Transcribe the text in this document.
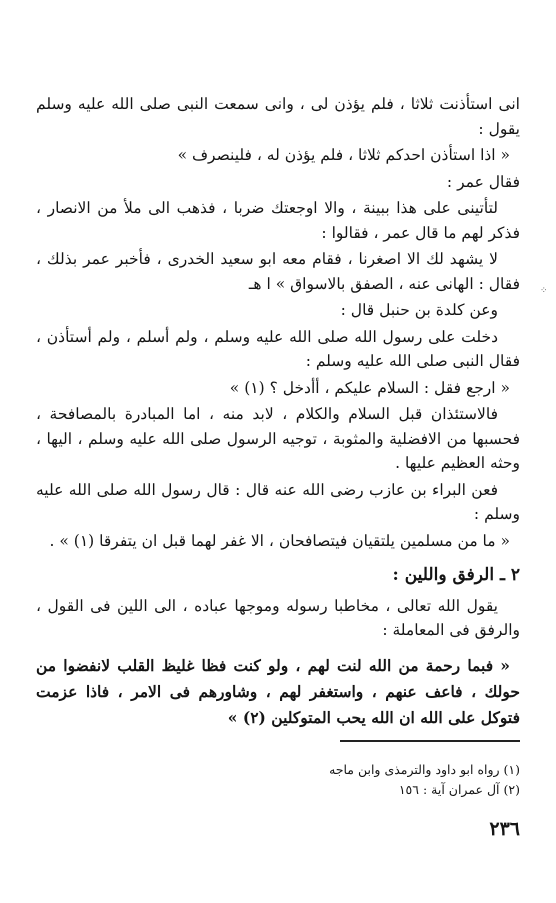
انى استأذنت ثلاثا ، فلم يؤذن لى ، وانى سمعت النبى صلى الله عليه وسلم يقول :

« اذا استأذن احدكم ثلاثا ، فلم يؤذن له ، فلينصرف »

فقال عمر :

لتأتينى على هذا ببينة ، والا اوجعتك ضربا ، فذهب الى ملأ من الانصار ، فذكر لهم ما قال عمر ، فقالوا :

لا يشهد لك الا اصغرنا ، فقام معه ابو سعيد الخدرى ، فأخبر عمر بذلك ، فقال : الهانى عنه ، الصفق بالاسواق » ا هـ

وعن كلدة بن حنبل قال :

دخلت على رسول الله صلى الله عليه وسلم ، ولم أسلم ، ولم أستأذن ، فقال النبى صلى الله عليه وسلم :

« ارجع فقل : السلام عليكم ، أأدخل ؟ (١) »

فالاستئذان قبل السلام والكلام ، لابد منه ، اما المبادرة بالمصافحة ، فحسبها من الافضلية والمثوبة ، توجيه الرسول صلى الله عليه وسلم ، اليها ، وحثه العظيم عليها .

فعن البراء بن عازب رضى الله عنه قال : قال رسول الله صلى الله عليه وسلم :

« ما من مسلمين يلتقيان فيتصافحان ، الا غفر لهما قبل ان يتفرقا (١) » .

٢ ـ الرفق واللين :

يقول الله تعالى ، مخاطبا رسوله وموجها عباده ، الى اللين فى القول ، والرفق فى المعاملة :

« فبما رحمة من الله لنت لهم ، ولو كنت فظا غليظ القلب لانفضوا من حولك ، فاعف عنهم ، واستغفر لهم ، وشاورهم فى الامر ، فاذا عزمت فتوكل على الله ان الله يحب المتوكلين (٢) »

(١) رواه ابو داود والترمذى وابن ماجه
(٢) آل عمران آية : ١٥٦
٢٣٦
⁘
